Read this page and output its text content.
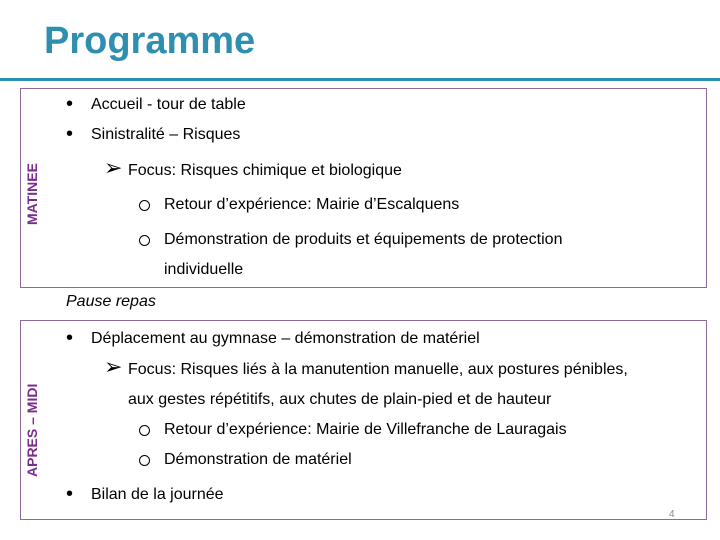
Programme
MATINEE
• Accueil - tour de table
• Sinistralité – Risques
➢ Focus: Risques chimique et biologique
Retour d’expérience: Mairie d’Escalquens
Démonstration de produits et équipements de protection
individuelle
Pause repas
APRES – MIDI
• Déplacement au gymnase – démonstration de matériel
➢ Focus: Risques liés à la manutention manuelle, aux postures pénibles,
aux gestes répétitifs, aux chutes de plain-pied et de hauteur
Retour d’expérience: Mairie de Villefranche de Lauragais
Démonstration de matériel
• Bilan de la journée
4
